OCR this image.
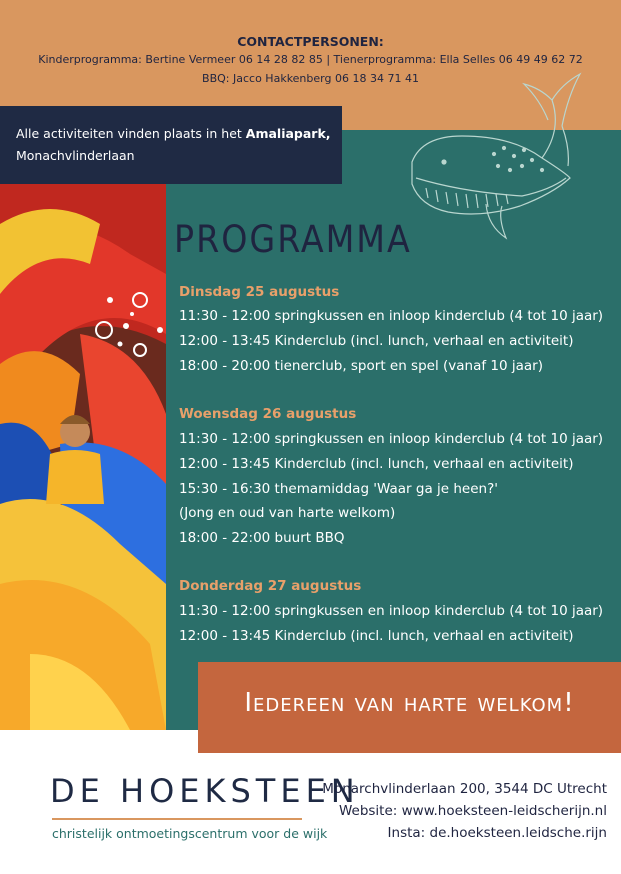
CONTACTPERSONEN:
Kinderprogramma: Bertine Vermeer 06 14 28 82 85 | Tienerprogramma: Ella Selles 06 49 49 62 72
BBQ: Jacco Hakkenberg 06 18 34 71 41
Alle activiteiten vinden plaats in het Amaliapark,
Monachvlinderlaan
PROGRAMMA
Dinsdag 25 augustus
11:30 - 12:00 springkussen en inloop kinderclub (4 tot 10 jaar)
12:00 - 13:45 Kinderclub (incl. lunch, verhaal en activiteit)
18:00 - 20:00 tienerclub, sport en spel (vanaf 10 jaar)
Woensdag 26 augustus
11:30 - 12:00 springkussen en inloop kinderclub (4 tot 10 jaar)
12:00 - 13:45 Kinderclub (incl. lunch, verhaal en activiteit)
15:30 - 16:30 themamiddag 'Waar ga je heen?'
(Jong en oud van harte welkom)
18:00 - 22:00 buurt BBQ
Donderdag 27 augustus
11:30 - 12:00 springkussen en inloop kinderclub (4 tot 10 jaar)
12:00 - 13:45 Kinderclub (incl. lunch, verhaal en activiteit)
Iedereen van harte welkom!
DE HOEKSTEEN
christelijk ontmoetingscentrum voor de wijk
Monarchvlinderlaan 200, 3544 DC Utrecht
Website: www.hoeksteen-leidscherijn.nl
Insta: de.hoeksteen.leidsche.rijn
